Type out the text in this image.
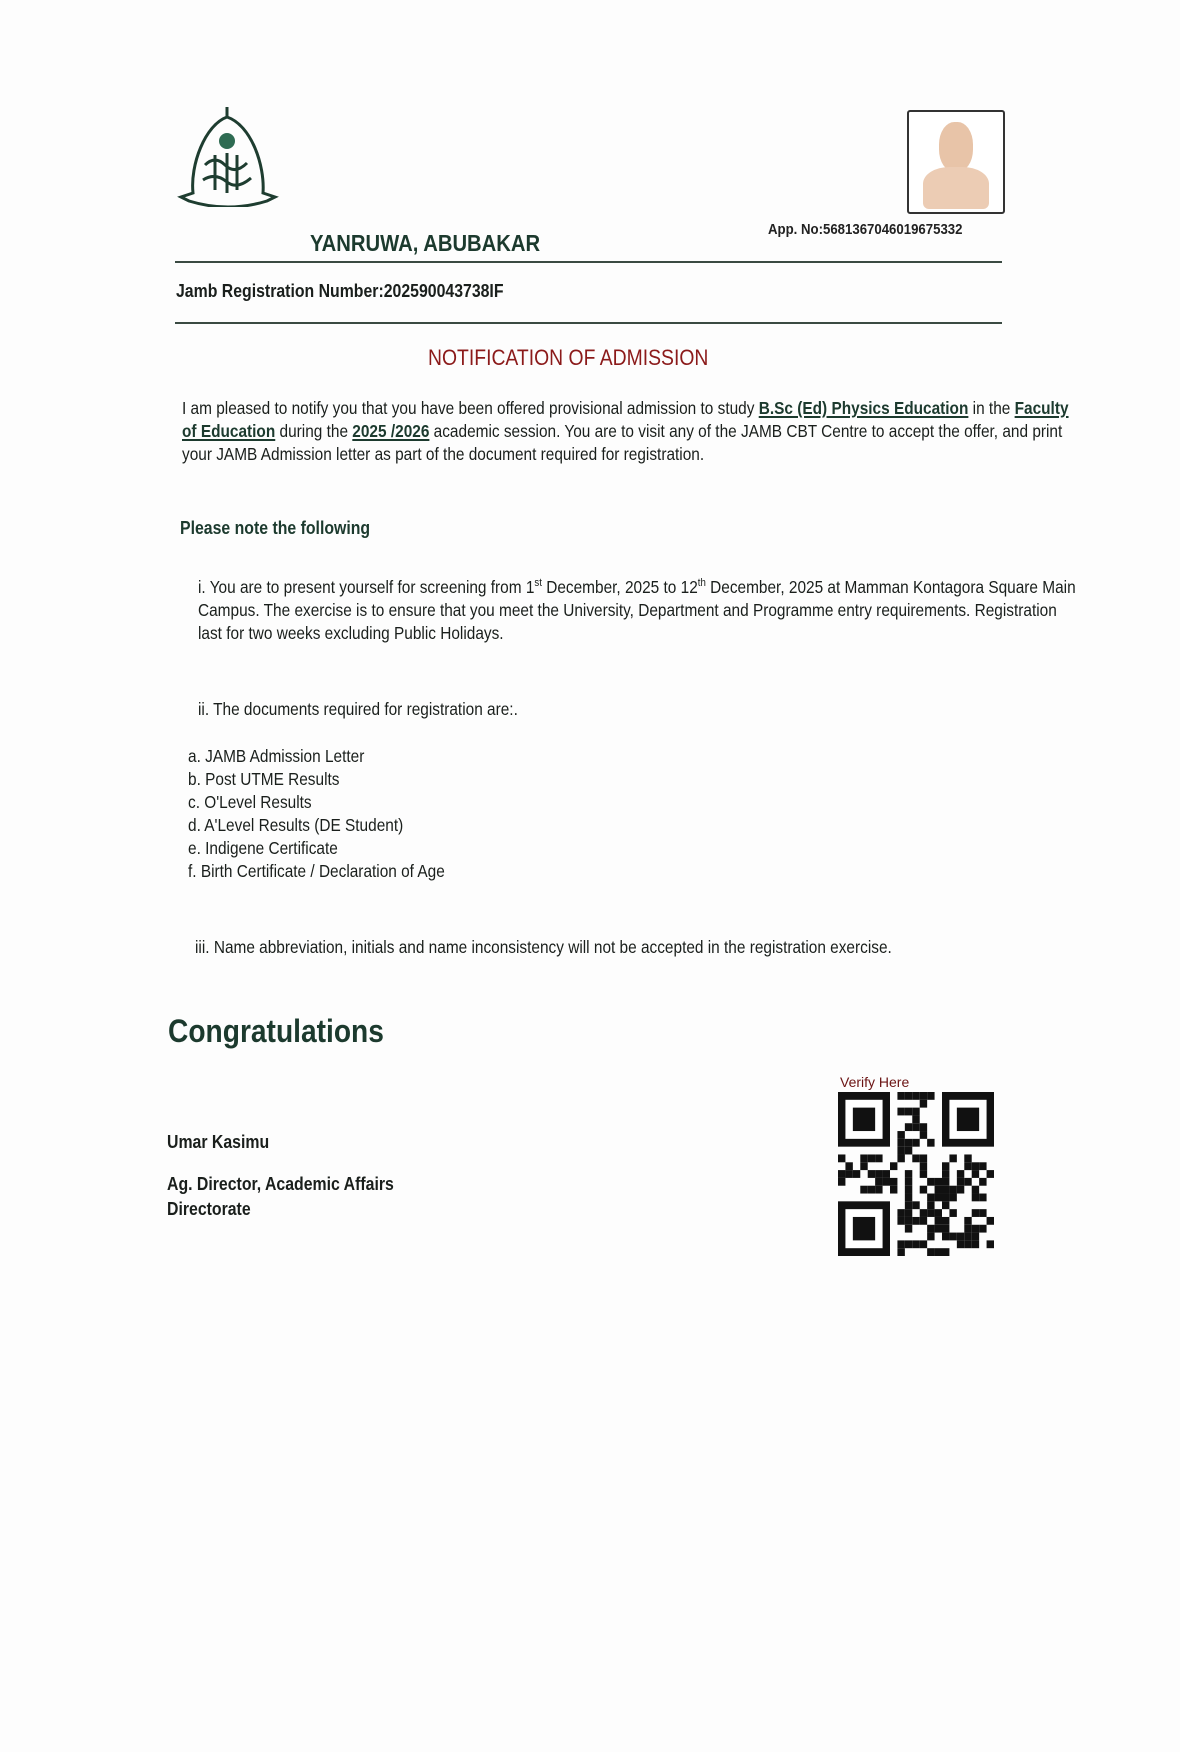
YANRUWA, ABUBAKAR
App. No:5681367046019675332
Jamb Registration Number:202590043738IF
NOTIFICATION OF ADMISSION
I am pleased to notify you that you have been offered provisional admission to study B.Sc (Ed) Physics Education in the Faculty of Education during the 2025 /2026 academic session. You are to visit any of the JAMB CBT Centre to accept the offer, and print your JAMB Admission letter as part of the document required for registration.
Please note the following
i. You are to present yourself for screening from 1st December, 2025 to 12th December, 2025 at Mamman Kontagora Square Main Campus. The exercise is to ensure that you meet the University, Department and Programme entry requirements. Registration last for two weeks excluding Public Holidays.
ii. The documents required for registration are:.
a. JAMB Admission Letter
b. Post UTME Results
c. O'Level Results
d. A'Level Results (DE Student)
e. Indigene Certificate
f. Birth Certificate / Declaration of Age
iii. Name abbreviation, initials and name inconsistency will not be accepted in the registration exercise.
Congratulations
Umar Kasimu
Ag. Director, Academic Affairs Directorate
Verify Here
